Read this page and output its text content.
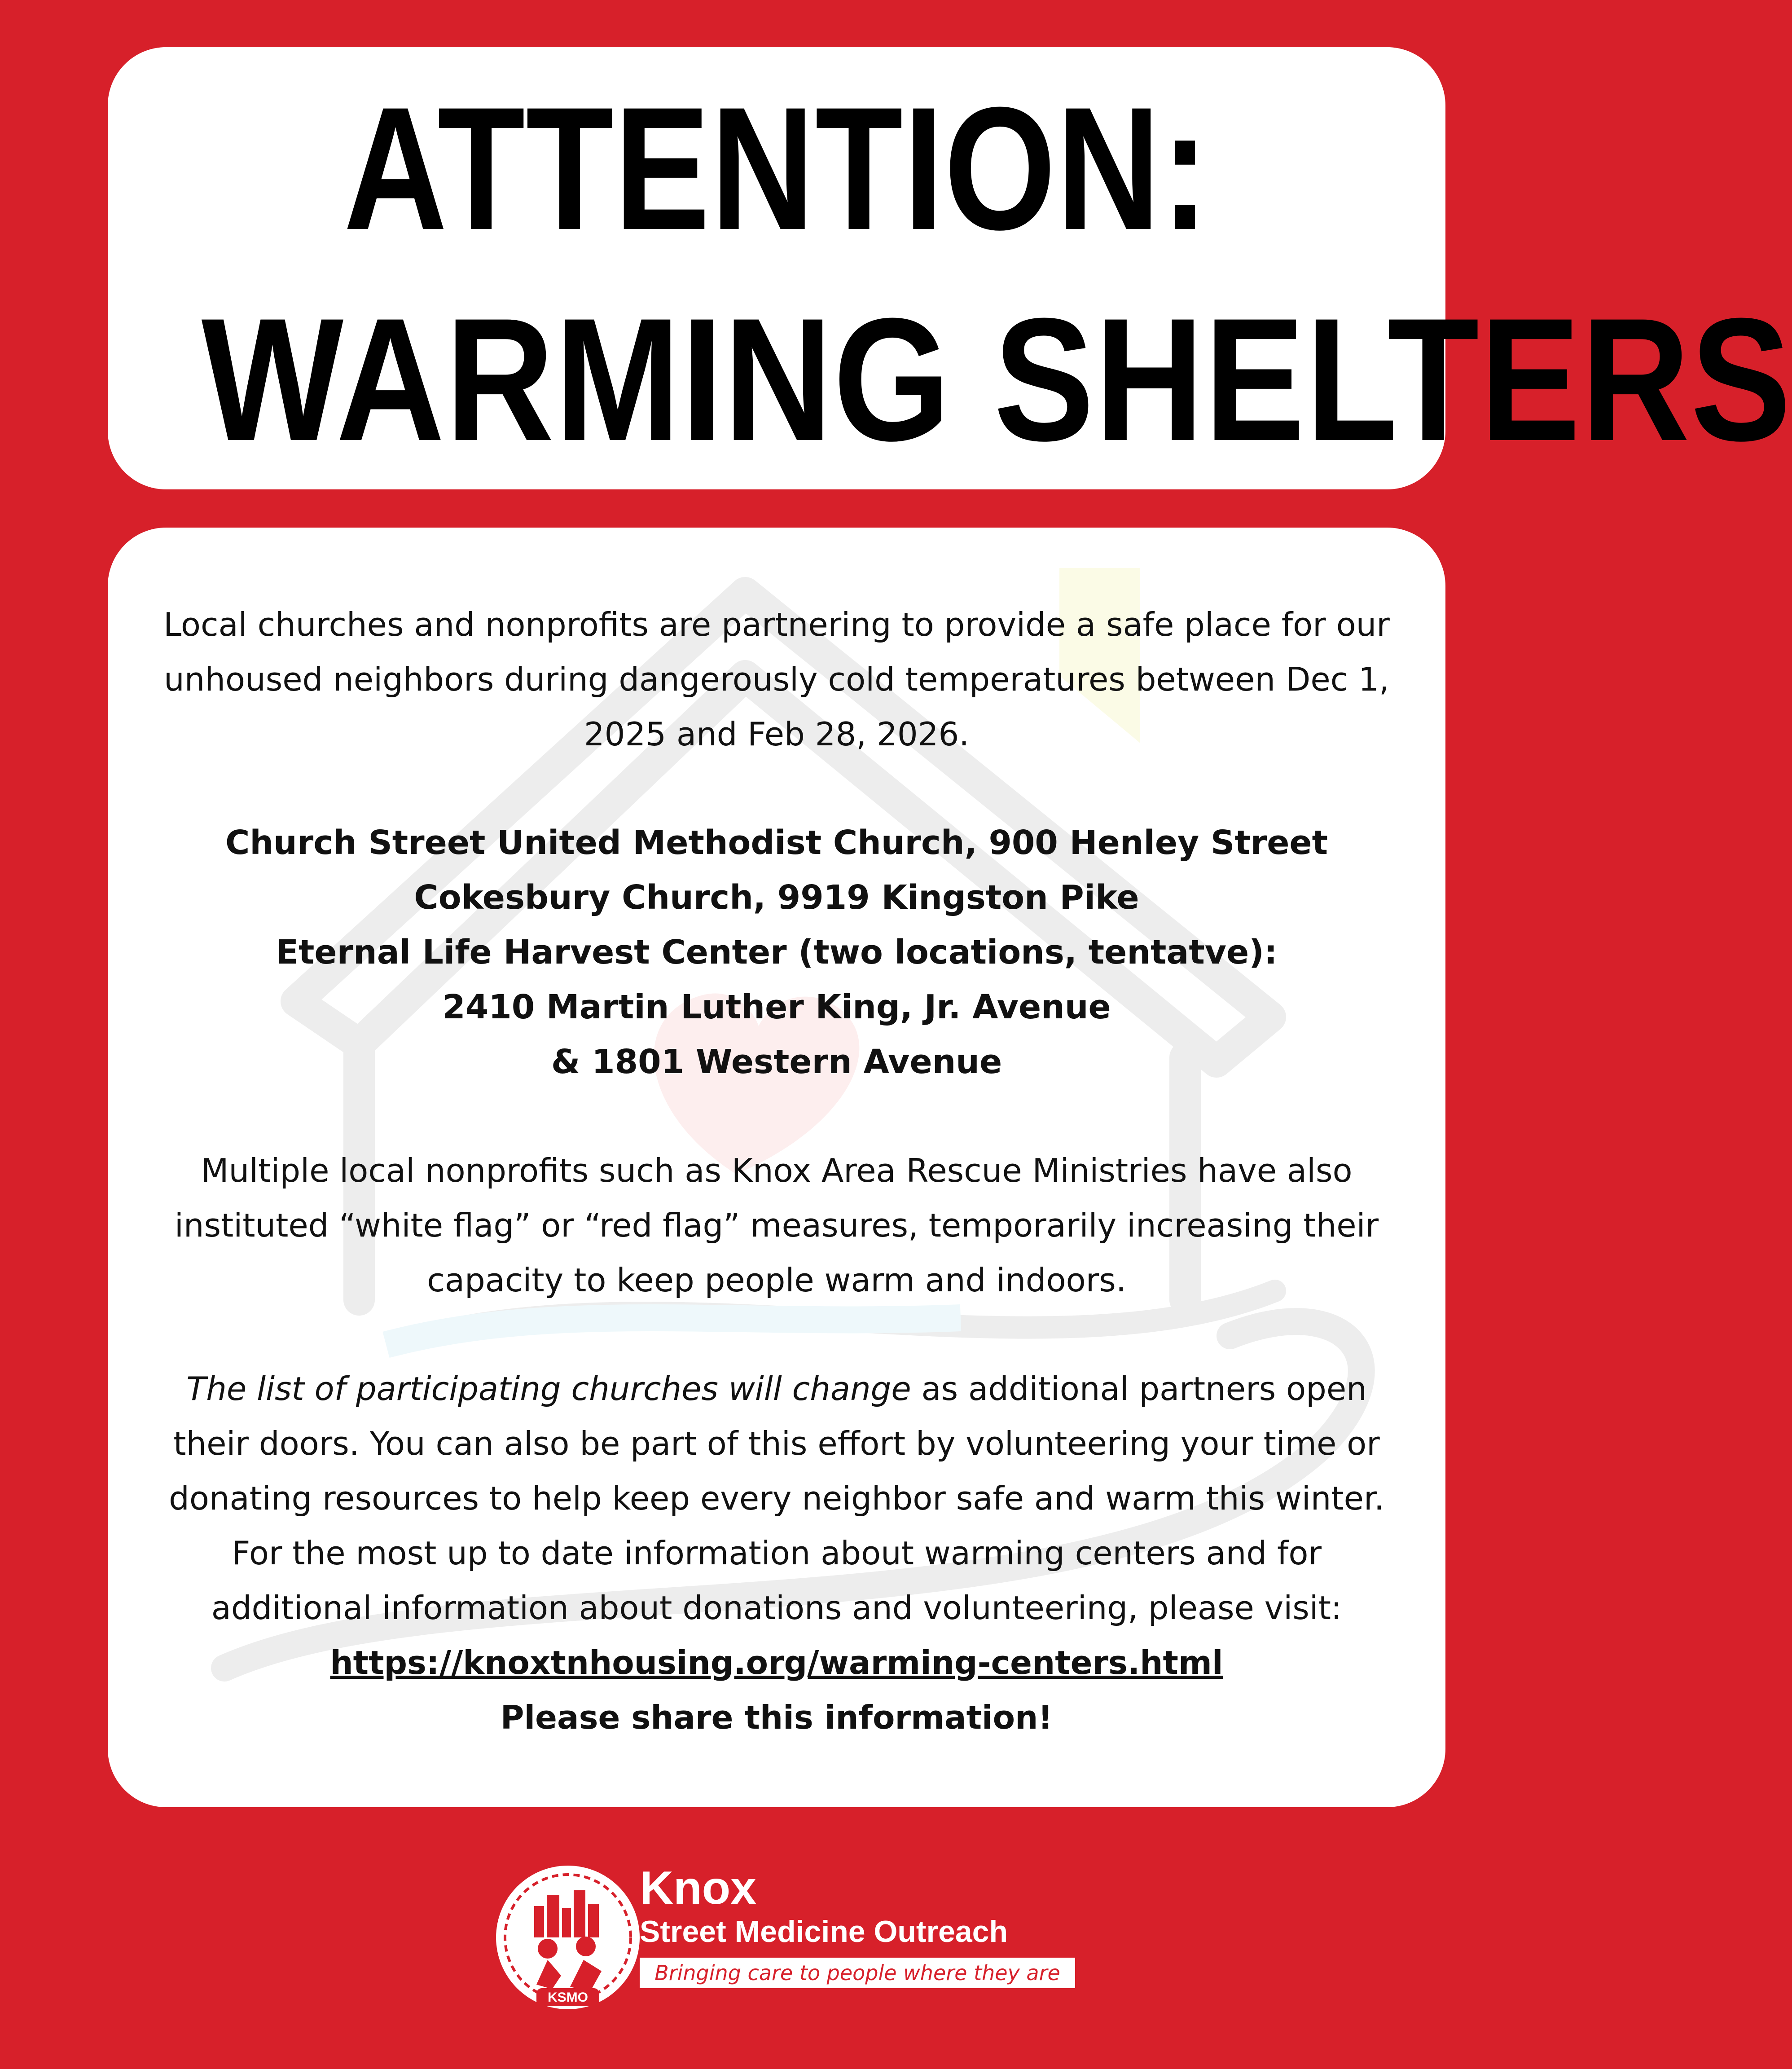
ATTENTION:
WARMING SHELTERS

Local churches and nonprofits are partnering to provide a safe place for our unhoused neighbors during dangerously cold temperatures between Dec 1, 2025 and Feb 28, 2026.

Church Street United Methodist Church, 900 Henley Street
Cokesbury Church, 9919 Kingston Pike
Eternal Life Harvest Center (two locations, tentatve):
2410 Martin Luther King, Jr. Avenue
& 1801 Western Avenue

Multiple local nonprofits such as Knox Area Rescue Ministries have also instituted “white flag” or “red flag” measures, temporarily increasing their capacity to keep people warm and indoors.

The list of participating churches will change as additional partners open their doors. You can also be part of this effort by volunteering your time or donating resources to help keep every neighbor safe and warm this winter. For the most up to date information about warming centers and for additional information about donations and volunteering, please visit:

https://knoxtnhousing.org/warming-centers.html
Please share this information!
KSMO
Knox
Street Medicine Outreach
Bringing care to people where they are
